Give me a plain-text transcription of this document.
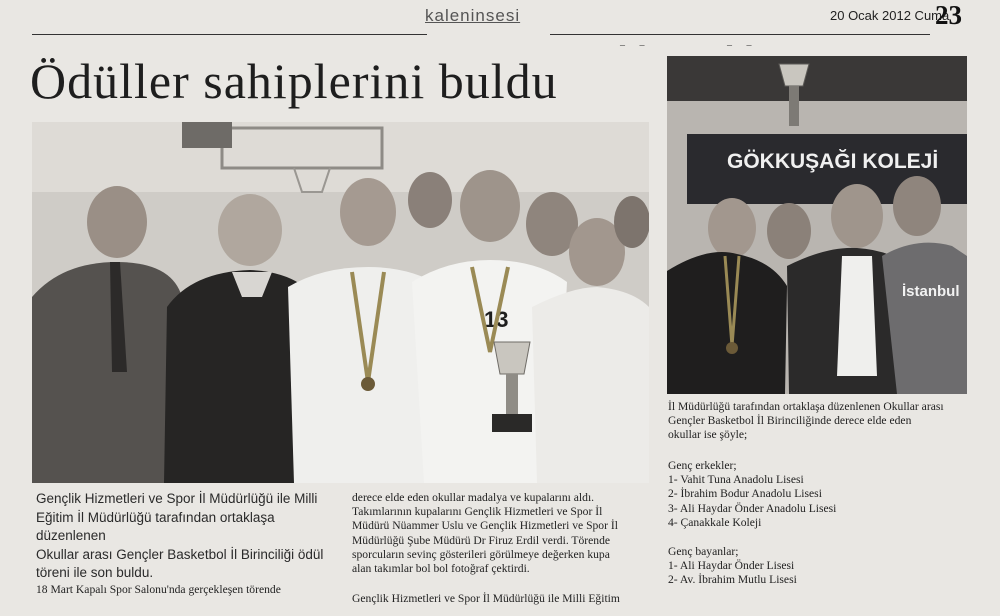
‒ ‒         ‒ ‒
kaleninsesi	20 Ocak 2012 Cuma
23
Ödüller sahiplerini buldu
13
GÖKKUŞAĞI KOLEJİ
İstanbul
Gençlik Hizmetleri ve Spor İl Müdürlüğü ile Milli
Eğitim İl Müdürlüğü tarafından ortaklaşa düzenlenen
Okullar arası Gençler Basketbol İl Birinciliği ödül
töreni ile son buldu.
18 Mart Kapalı Spor Salonu'nda gerçekleşen törende
derece elde eden okullar madalya ve kupalarını aldı.
Takımlarının kupalarını Gençlik Hizmetleri ve Spor İl
Müdürü Nüammer Uslu ve Gençlik Hizmetleri ve Spor İl
Müdürlüğü Şube Müdürü Dr Firuz Erdil verdi. Törende
sporcuların sevinç gösterileri görülmeye değerken kupa
alan takımlar bol bol fotoğraf çektirdi.
Gençlik Hizmetleri ve Spor İl Müdürlüğü ile Milli Eğitim
İl Müdürlüğü tarafından ortaklaşa düzenlenen Okullar arası
Gençler Basketbol İl Birinciliğinde derece elde eden
okullar ise şöyle;
Genç erkekler;
1- Vahit Tuna Anadolu Lisesi
2- İbrahim Bodur Anadolu Lisesi
3- Ali Haydar Önder Anadolu Lisesi
4- Çanakkale Koleji
Genç bayanlar;
1- Ali Haydar Önder Lisesi
2- Av. İbrahim Mutlu Lisesi
